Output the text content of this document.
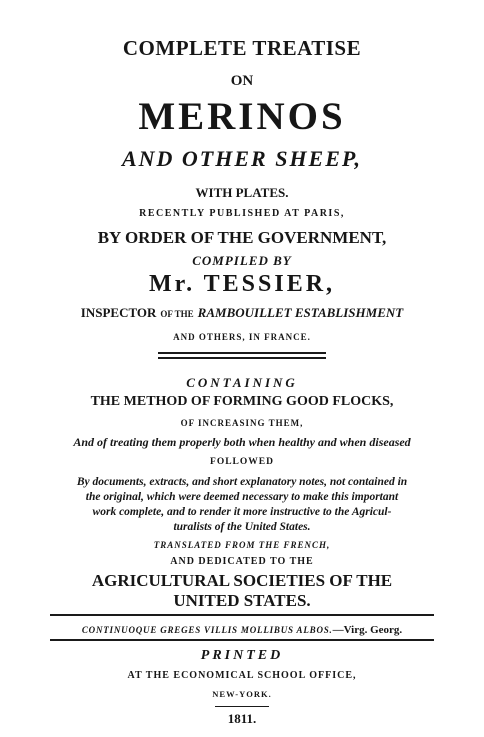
COMPLETE TREATISE
ON
MERINOS
AND OTHER SHEEP,
WITH PLATES.
RECENTLY PUBLISHED AT PARIS,
BY ORDER OF THE GOVERNMENT,
COMPILED BY
Mr. TESSIER,
INSPECTOR OF THE RAMBOUILLET ESTABLISHMENT
AND OTHERS, IN FRANCE.
CONTAINING
THE METHOD OF FORMING GOOD FLOCKS,
OF INCREASING THEM,
And of treating them properly both when healthy and when diseased
FOLLOWED
By documents, extracts, and short explanatory notes, not contained in
the original, which were deemed necessary to make this important
work complete, and to render it more instructive to the Agricul-
turalists of the United States.
TRANSLATED FROM THE FRENCH,
AND DEDICATED TO THE
AGRICULTURAL SOCIETIES OF THE
UNITED STATES.
CONTINUOQUE GREGES VILLIS MOLLIBUS ALBOS.—Virg. Georg.
PRINTED
AT THE ECONOMICAL SCHOOL OFFICE,
NEW-YORK.
1811.
